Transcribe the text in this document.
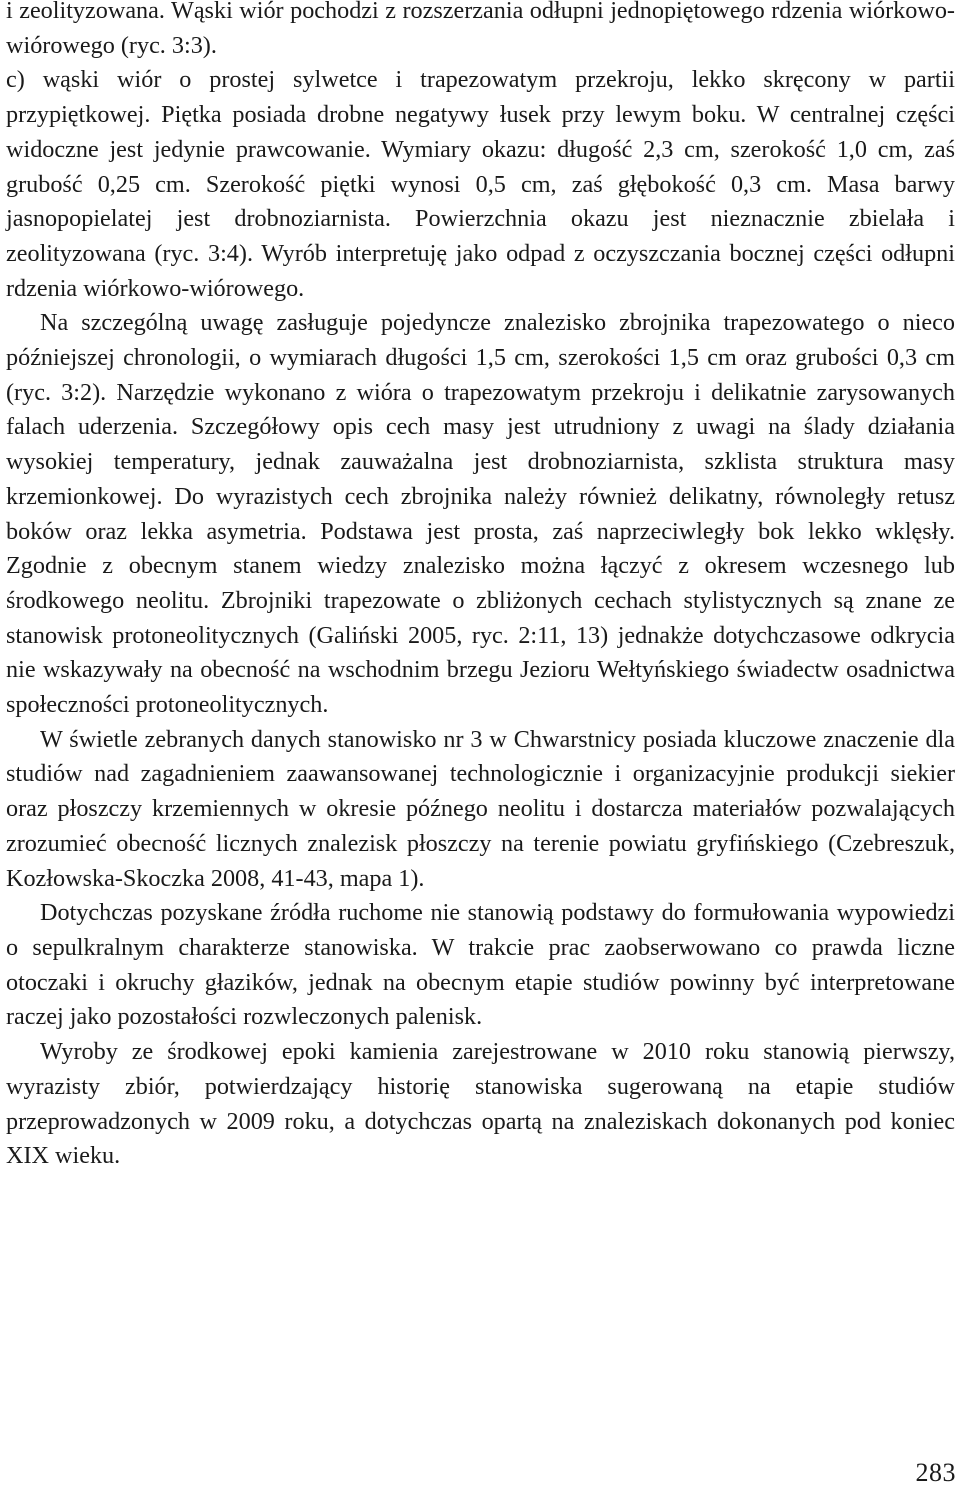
i zeolityzowana. Wąski wiór pochodzi z rozszerzania odłupni jednopiętowego rdzenia wiórkowo-wiórowego (ryc. 3:3).

c) wąski wiór o prostej sylwetce i trapezowatym przekroju, lekko skręcony w partii przypiętkowej. Piętka posiada drobne negatywy łusek przy lewym boku. W centralnej części widoczne jest jedynie prawcowanie. Wymiary okazu: długość 2,3 cm, szerokość 1,0 cm, zaś grubość 0,25 cm. Szerokość piętki wynosi 0,5 cm, zaś głębokość 0,3 cm. Masa barwy jasnopopielatej jest drobnoziarnista. Powierzchnia okazu jest nieznacznie zbielała i zeolityzowana (ryc. 3:4). Wyrób interpretuję jako odpad z oczyszczania bocznej części odłupni rdzenia wiórkowo-wiórowego.

Na szczególną uwagę zasługuje pojedyncze znalezisko zbrojnika trapezowatego o nieco późniejszej chronologii, o wymiarach długości 1,5 cm, szerokości 1,5 cm oraz grubości 0,3 cm (ryc. 3:2). Narzędzie wykonano z wióra o trapezowatym przekroju i delikatnie zarysowanych falach uderzenia. Szczegółowy opis cech masy jest utrudniony z uwagi na ślady działania wysokiej temperatury, jednak zauważalna jest drobnoziarnista, szklista struktura masy krzemionkowej. Do wyrazistych cech zbrojnika należy również delikatny, równoległy retusz boków oraz lekka asymetria. Podstawa jest prosta, zaś naprzeciwległy bok lekko wklęsły. Zgodnie z obecnym stanem wiedzy znalezisko można łączyć z okresem wczesnego lub środkowego neolitu. Zbrojniki trapezowate o zbliżonych cechach stylistycznych są znane ze stanowisk protoneolitycznych (Galiński 2005, ryc. 2:11, 13) jednakże dotychczasowe odkrycia nie wskazywały na obecność na wschodnim brzegu Jezioru Wełtyńskiego świadectw osadnictwa społeczności protoneolitycznych.

W świetle zebranych danych stanowisko nr 3 w Chwarstnicy posiada kluczowe znaczenie dla studiów nad zagadnieniem zaawansowanej technologicznie i organizacyjnie produkcji siekier oraz płoszczy krzemiennych w okresie późnego neolitu i dostarcza materiałów pozwalających zrozumieć obecność licznych znalezisk płoszczy na terenie powiatu gryfińskiego (Czebreszuk, Kozłowska-Skoczka 2008, 41-43, mapa 1).

Dotychczas pozyskane źródła ruchome nie stanowią podstawy do formułowania wypowiedzi o sepulkralnym charakterze stanowiska. W trakcie prac zaobserwowano co prawda liczne otoczaki i okruchy głazików, jednak na obecnym etapie studiów powinny być interpretowane raczej jako pozostałości rozwleczonych palenisk.

Wyroby ze środkowej epoki kamienia zarejestrowane w 2010 roku stanowią pierwszy, wyrazisty zbiór, potwierdzający historię stanowiska sugerowaną na etapie studiów przeprowadzonych w 2009 roku, a dotychczas opartą na znaleziskach dokonanych pod koniec XIX wieku.

283
